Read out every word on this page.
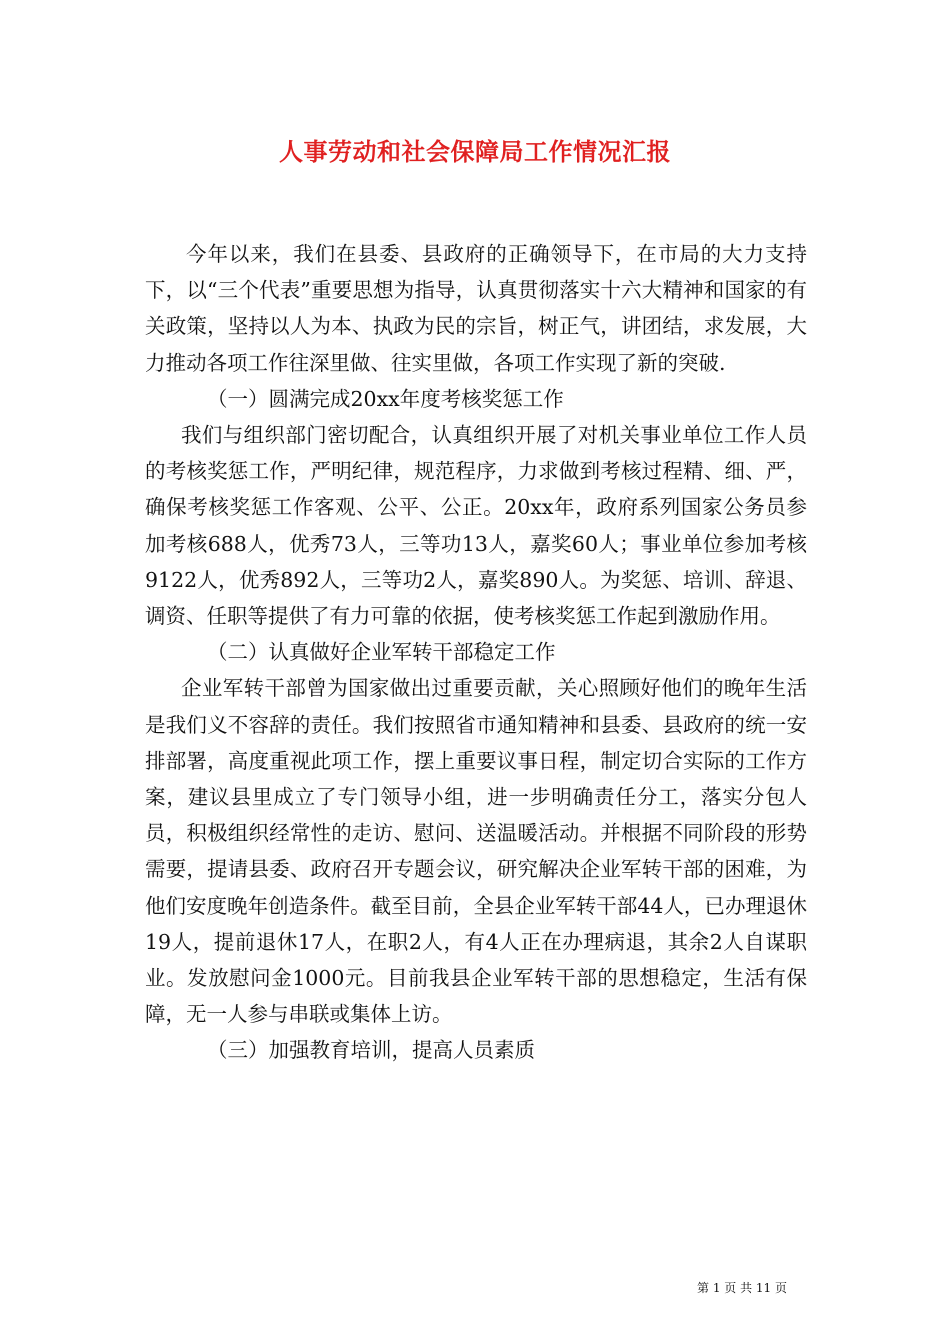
人事劳动和社会保障局工作情况汇报

今年以来，我们在县委、县政府的正确领导下，在市局的大力支持下，以“三个代表”重要思想为指导，认真贯彻落实十六大精神和国家的有关政策，坚持以人为本、执政为民的宗旨，树正气，讲团结，求发展，大力推动各项工作往深里做、往实里做，各项工作实现了新的突破.

（一）圆满完成20xx年度考核奖惩工作

我们与组织部门密切配合，认真组织开展了对机关事业单位工作人员的考核奖惩工作，严明纪律，规范程序，力求做到考核过程精、细、严，确保考核奖惩工作客观、公平、公正。20xx年，政府系列国家公务员参加考核688人，优秀73人，三等功13人，嘉奖60人；事业单位参加考核9122人，优秀892人，三等功2人，嘉奖890人。为奖惩、培训、辞退、调资、任职等提供了有力可靠的依据，使考核奖惩工作起到激励作用。

（二）认真做好企业军转干部稳定工作

企业军转干部曾为国家做出过重要贡献，关心照顾好他们的晚年生活是我们义不容辞的责任。我们按照省市通知精神和县委、县政府的统一安排部署，高度重视此项工作，摆上重要议事日程，制定切合实际的工作方案，建议县里成立了专门领导小组，进一步明确责任分工，落实分包人员，积极组织经常性的走访、慰问、送温暖活动。并根据不同阶段的形势需要，提请县委、政府召开专题会议，研究解决企业军转干部的困难，为他们安度晚年创造条件。截至目前，全县企业军转干部44人，已办理退休19人，提前退休17人，在职2人，有4人正在办理病退，其余2人自谋职业。发放慰问金1000元。目前我县企业军转干部的思想稳定，生活有保障，无一人参与串联或集体上访。

（三）加强教育培训，提高人员素质

第 1 页 共 11 页
